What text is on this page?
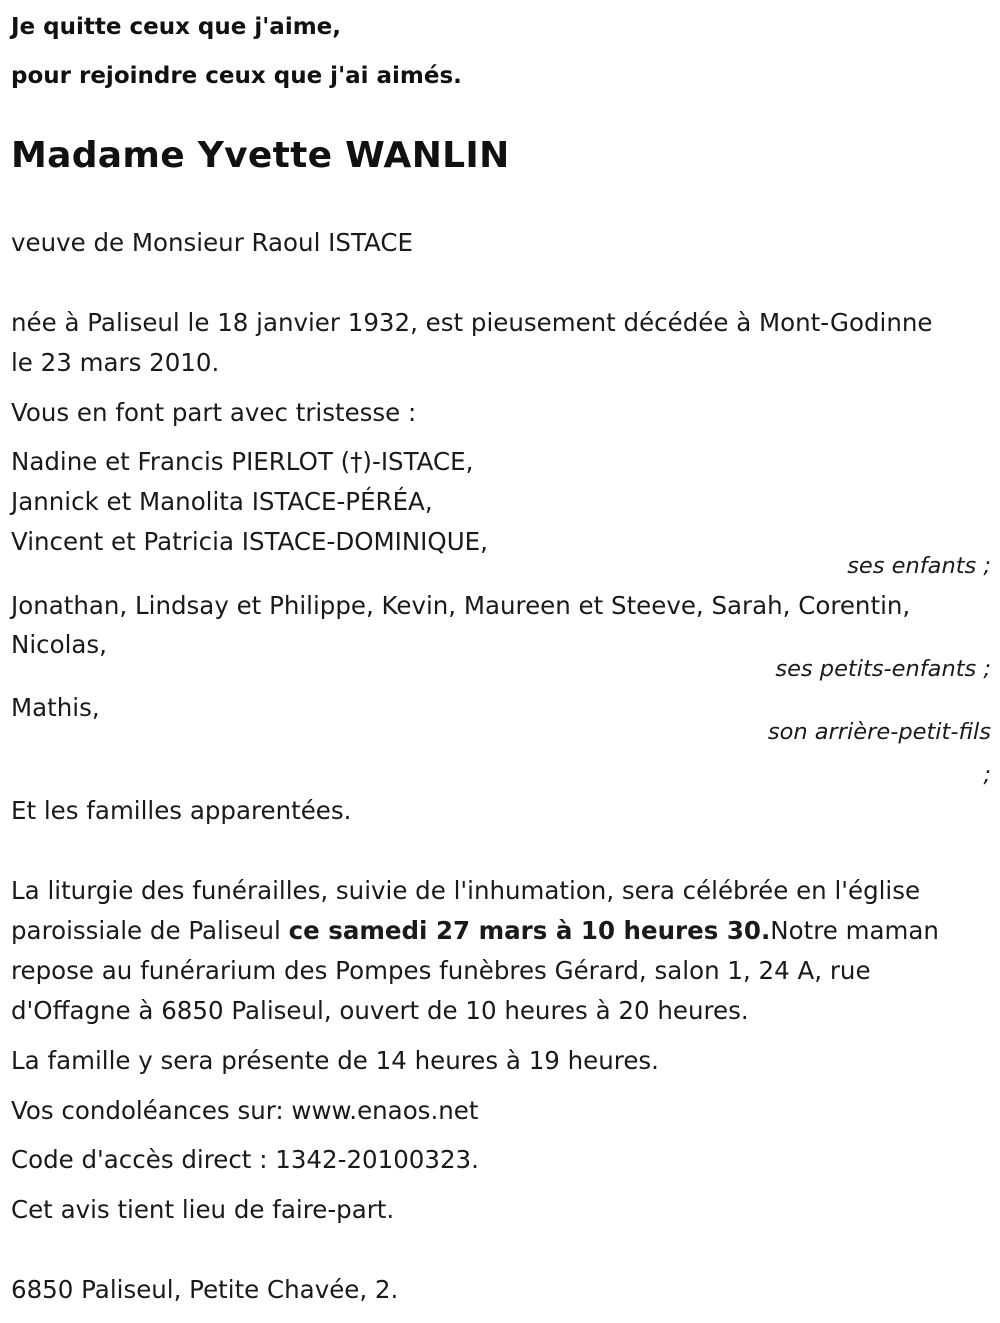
Je quitte ceux que j'aime,
pour rejoindre ceux que j'ai aimés.
Madame Yvette WANLIN
veuve de Monsieur Raoul ISTACE
née à Paliseul le 18 janvier 1932, est pieusement décédée à Mont-Godinne
le 23 mars 2010.
Vous en font part avec tristesse :
Nadine et Francis PIERLOT (†)-ISTACE,
Jannick et Manolita ISTACE-PÉRÉA,
Vincent et Patricia ISTACE-DOMINIQUE,
ses enfants ;
Jonathan, Lindsay et Philippe, Kevin, Maureen et Steeve, Sarah, Corentin,
Nicolas,
ses petits-enfants ;
Mathis,
son arrière-petit-fils
;
Et les familles apparentées.
La liturgie des funérailles, suivie de l'inhumation, sera célébrée en l'église
paroissiale de Paliseul ce samedi 27 mars à 10 heures 30.Notre maman
repose au funérarium des Pompes funèbres Gérard, salon 1, 24 A, rue
d'Offagne à 6850 Paliseul, ouvert de 10 heures à 20 heures.
La famille y sera présente de 14 heures à 19 heures.
Vos condoléances sur: www.enaos.net
Code d'accès direct : 1342-20100323.
Cet avis tient lieu de faire-part.
6850 Paliseul, Petite Chavée, 2.
